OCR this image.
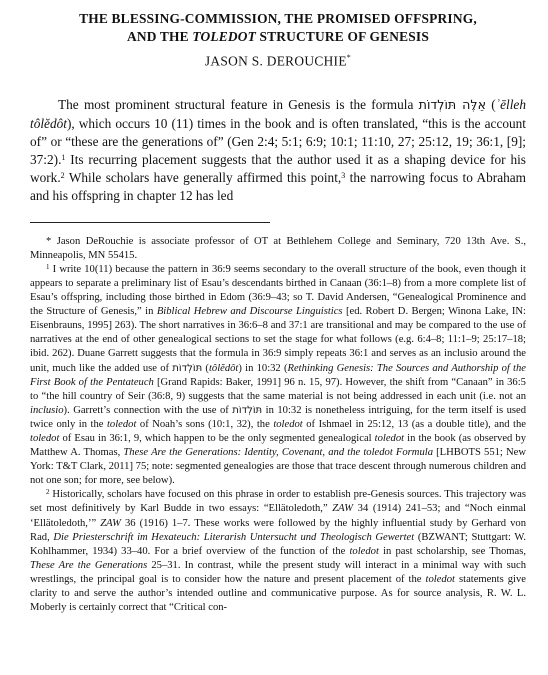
THE BLESSING-COMMISSION, THE PROMISED OFFSPRING,
AND THE TOLEDOT STRUCTURE OF GENESIS

JASON S. DEROUCHIE*

The most prominent structural feature in Genesis is the formula אֵלֶּה תּוֹלְדוֹת (ʾēlleh tôlĕdôt), which occurs 10 (11) times in the book and is often translated, “this is the account of” or “these are the generations of” (Gen 2:4; 5:1; 6:9; 10:1; 11:10, 27; 25:12, 19; 36:1, [9]; 37:2).$^1$ Its recurring placement suggests that the author used it as a shaping device for his work.$^2$ While scholars have generally affirmed this point,$^3$ the narrowing focus to Abraham and his offspring in chapter 12 has led

* Jason DeRouchie is associate professor of OT at Bethlehem College and Seminary, 720 13th Ave. S., Minneapolis, MN 55415.

$^1$ I write 10(11) because the pattern in 36:9 seems secondary to the overall structure of the book, even though it appears to separate a preliminary list of Esau’s descendants birthed in Canaan (36:1–8) from a more complete list of Esau’s offspring, including those birthed in Edom (36:9–43; so T. David Andersen, “Genealogical Prominence and the Structure of Genesis,” in Biblical Hebrew and Discourse Linguistics [ed. Robert D. Bergen; Winona Lake, IN: Eisenbrauns, 1995] 263). The short narratives in 36:6–8 and 37:1 are transitional and may be compared to the use of narratives at the end of other genealogical sections to set the stage for what follows (e.g. 6:4–8; 11:1–9; 25:17–18; ibid. 262). Duane Garrett suggests that the formula in 36:9 simply repeats 36:1 and serves as an inclusio around the unit, much like the added use of תּוֹלְדוֹת (tôlĕdôt) in 10:32 (Rethinking Genesis: The Sources and Authorship of the First Book of the Pentateuch [Grand Rapids: Baker, 1991] 96 n. 15, 97). However, the shift from “Canaan” in 36:5 to “the hill country of Seir (36:8, 9) suggests that the same material is not being addressed in each unit (i.e. not an inclusio). Garrett’s connection with the use of תּוֹלְדוֹת in 10:32 is nonetheless intriguing, for the term itself is used twice only in the toledot of Noah’s sons (10:1, 32), the toledot of Ishmael in 25:12, 13 (as a double title), and the toledot of Esau in 36:1, 9, which happen to be the only segmented genealogical toledot in the book (as observed by Matthew A. Thomas, These Are the Generations: Identity, Covenant, and the toledot Formula [LHBOTS 551; New York: T&T Clark, 2011] 75; note: segmented genealogies are those that trace descent through numerous children and not one son; for more, see below).

$^2$ Historically, scholars have focused on this phrase in order to establish pre-Genesis sources. This trajectory was set most definitively by Karl Budde in two essays: “Ellätoledoth,” ZAW 34 (1914) 241–53; and “Noch einmal ‘Ellätoledoth,’” ZAW 36 (1916) 1–7. These works were followed by the highly influential study by Gerhard von Rad, Die Priesterschrift im Hexateuch: Literarish Untersucht und Theologisch Gewertet (BZWANT; Stuttgart: W. Kohlhammer, 1934) 33–40. For a brief overview of the function of the toledot in past scholarship, see Thomas, These Are the Generations 25–31. In contrast, while the present study will interact in a minimal way with such wrestlings, the principal goal is to consider how the nature and present placement of the toledot statements give clarity to and serve the author’s intended outline and communicative purpose. As for source analysis, R. W. L. Moberly is certainly correct that “Critical con-
